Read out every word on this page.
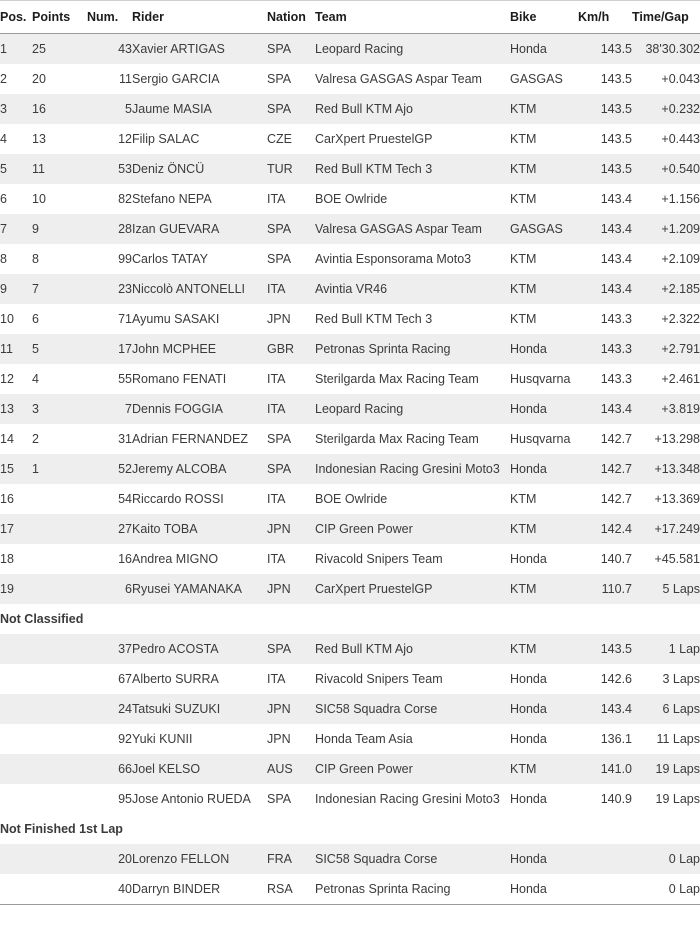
Pos.	Points	Num.	Rider	Nation	Team	Bike	Km/h	Time/Gap
1	25	43	Xavier ARTIGAS	SPA	Leopard Racing	Honda	143.5	38'30.302
2	20	11	Sergio GARCIA	SPA	Valresa GASGAS Aspar Team	GASGAS	143.5	+0.043
3	16	5	Jaume MASIA	SPA	Red Bull KTM Ajo	KTM	143.5	+0.232
4	13	12	Filip SALAC	CZE	CarXpert PruestelGP	KTM	143.5	+0.443
5	11	53	Deniz ÖNCÜ	TUR	Red Bull KTM Tech 3	KTM	143.5	+0.540
6	10	82	Stefano NEPA	ITA	BOE Owlride	KTM	143.4	+1.156
7	9	28	Izan GUEVARA	SPA	Valresa GASGAS Aspar Team	GASGAS	143.4	+1.209
8	8	99	Carlos TATAY	SPA	Avintia Esponsorama Moto3	KTM	143.4	+2.109
9	7	23	Niccolò ANTONELLI	ITA	Avintia VR46	KTM	143.4	+2.185
10	6	71	Ayumu SASAKI	JPN	Red Bull KTM Tech 3	KTM	143.3	+2.322
11	5	17	John MCPHEE	GBR	Petronas Sprinta Racing	Honda	143.3	+2.791
12	4	55	Romano FENATI	ITA	Sterilgarda Max Racing Team	Husqvarna	143.3	+2.461
13	3	7	Dennis FOGGIA	ITA	Leopard Racing	Honda	143.4	+3.819
14	2	31	Adrian FERNANDEZ	SPA	Sterilgarda Max Racing Team	Husqvarna	142.7	+13.298
15	1	52	Jeremy ALCOBA	SPA	Indonesian Racing Gresini Moto3	Honda	142.7	+13.348
16		54	Riccardo ROSSI	ITA	BOE Owlride	KTM	142.7	+13.369
17		27	Kaito TOBA	JPN	CIP Green Power	KTM	142.4	+17.249
18		16	Andrea MIGNO	ITA	Rivacold Snipers Team	Honda	140.7	+45.581
19		6	Ryusei YAMANAKA	JPN	CarXpert PruestelGP	KTM	110.7	5 Laps
Not Classified								
		37	Pedro ACOSTA	SPA	Red Bull KTM Ajo	KTM	143.5	1 Lap
		67	Alberto SURRA	ITA	Rivacold Snipers Team	Honda	142.6	3 Laps
		24	Tatsuki SUZUKI	JPN	SIC58 Squadra Corse	Honda	143.4	6 Laps
		92	Yuki KUNII	JPN	Honda Team Asia	Honda	136.1	11 Laps
		66	Joel KELSO	AUS	CIP Green Power	KTM	141.0	19 Laps
		95	Jose Antonio RUEDA	SPA	Indonesian Racing Gresini Moto3	Honda	140.9	19 Laps
Not Finished 1st Lap								
		20	Lorenzo FELLON	FRA	SIC58 Squadra Corse	Honda		0 Lap
		40	Darryn BINDER	RSA	Petronas Sprinta Racing	Honda		0 Lap
